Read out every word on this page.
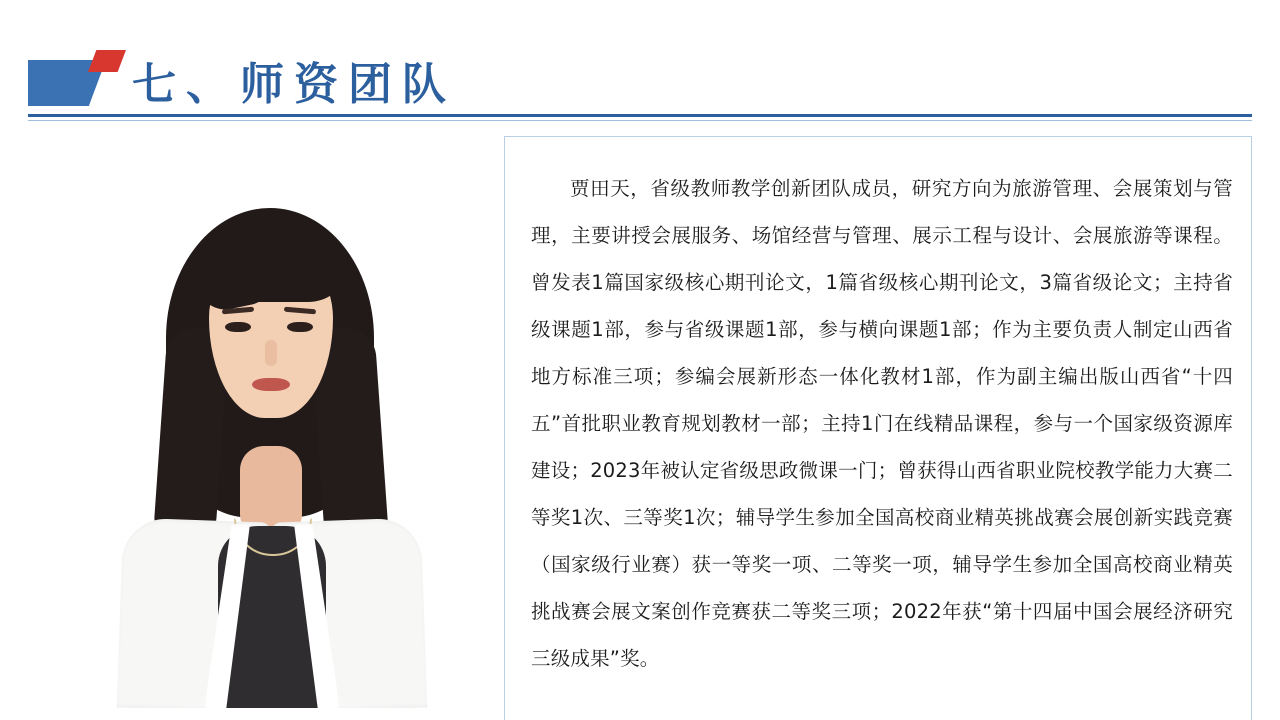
七、师资团队

贾田天，省级教师教学创新团队成员，研究方向为旅游管理、会展策划与管理，主要讲授会展服务、场馆经营与管理、展示工程与设计、会展旅游等课程。曾发表1篇国家级核心期刊论文，1篇省级核心期刊论文，3篇省级论文；主持省级课题1部，参与省级课题1部，参与横向课题1部；作为主要负责人制定山西省地方标准三项；参编会展新形态一体化教材1部，作为副主编出版山西省“十四五”首批职业教育规划教材一部；主持1门在线精品课程，参与一个国家级资源库建设；2023年被认定省级思政微课一门；曾获得山西省职业院校教学能力大赛二等奖1次、三等奖1次；辅导学生参加全国高校商业精英挑战赛会展创新实践竞赛（国家级行业赛）获一等奖一项、二等奖一项，辅导学生参加全国高校商业精英挑战赛会展文案创作竞赛获二等奖三项；2022年获“第十四届中国会展经济研究三级成果”奖。
